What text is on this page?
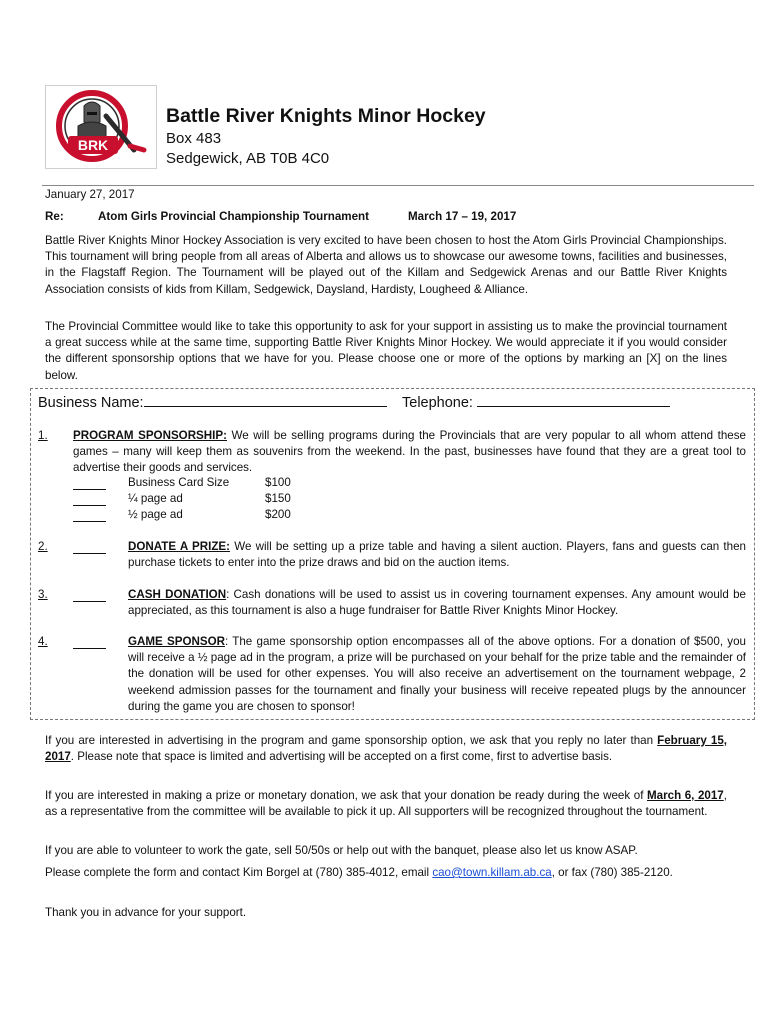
BRK
Battle River Knights Minor Hockey
Box 483
Sedgewick, AB T0B 4C0
January 27, 2017
Re:	Atom Girls Provincial Championship Tournament	March 17 – 19, 2017
Battle River Knights Minor Hockey Association is very excited to have been chosen to host the Atom Girls Provincial Championships. This tournament will bring people from all areas of Alberta and allows us to showcase our awesome towns, facilities and businesses, in the Flagstaff Region. The Tournament will be played out of the Killam and Sedgewick Arenas and our Battle River Knights Association consists of kids from Killam, Sedgewick, Daysland, Hardisty, Lougheed & Alliance.
The Provincial Committee would like to take this opportunity to ask for your support in assisting us to make the provincial tournament a great success while at the same time, supporting Battle River Knights Minor Hockey. We would appreciate it if you would consider the different sponsorship options that we have for you. Please choose one or more of the options by marking an [X] on the lines below.
Business Name:	Telephone:
1. PROGRAM SPONSORSHIP: We will be selling programs during the Provincials that are very popular to all whom attend these games – many will keep them as souvenirs from the weekend. In the past, businesses have found that they are a great tool to advertise their goods and services.
Business Card Size	$100
¼ page ad	$150
½ page ad	$200
2.	DONATE A PRIZE: We will be setting up a prize table and having a silent auction. Players, fans and guests can then purchase tickets to enter into the prize draws and bid on the auction items.
3.	CASH DONATION: Cash donations will be used to assist us in covering tournament expenses. Any amount would be appreciated, as this tournament is also a huge fundraiser for Battle River Knights Minor Hockey.
4.	GAME SPONSOR: The game sponsorship option encompasses all of the above options. For a donation of $500, you will receive a ½ page ad in the program, a prize will be purchased on your behalf for the prize table and the remainder of the donation will be used for other expenses. You will also receive an advertisement on the tournament webpage, 2 weekend admission passes for the tournament and finally your business will receive repeated plugs by the announcer during the game you are chosen to sponsor!
If you are interested in advertising in the program and game sponsorship option, we ask that you reply no later than February 15, 2017. Please note that space is limited and advertising will be accepted on a first come, first to advertise basis.
If you are interested in making a prize or monetary donation, we ask that your donation be ready during the week of March 6, 2017, as a representative from the committee will be available to pick it up. All supporters will be recognized throughout the tournament.
If you are able to volunteer to work the gate, sell 50/50s or help out with the banquet, please also let us know ASAP.
Please complete the form and contact Kim Borgel at (780) 385-4012, email cao@town.killam.ab.ca, or fax (780) 385-2120.
Thank you in advance for your support.
